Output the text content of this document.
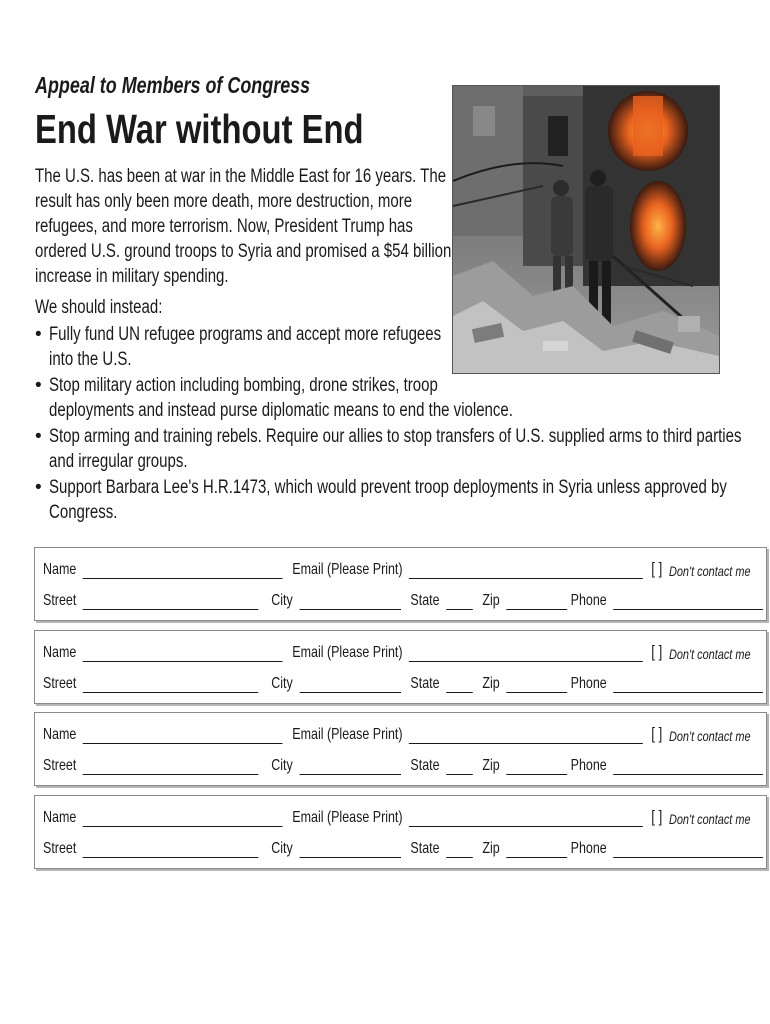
Appeal to Members of Congress
End War without End

The U.S. has been at war in the Middle East for 16 years. The

result has only been more death, more destruction, more

refugees, and more terrorism. Now, President Trump has

ordered U.S. ground troops to Syria and promised a $54 billion

increase in military spending.

We should instead:

• Fully fund UN refugee programs and accept more refugees

into the U.S.

• Stop military action including bombing, drone strikes, troop

deployments and instead purse diplomatic means to end the violence.

• Stop arming and training rebels. Require our allies to stop transfers of U.S. supplied arms to third parties

and irregular groups.

• Support Barbara Lee's H.R.1473, which would prevent troop deployments in Syria unless approved by

Congress.

Name	Email (Please Print)	[ ] Don't contact me
Street	City	State	Zip	Phone
Name	Email (Please Print)	[ ] Don't contact me
Street	City	State	Zip	Phone
Name	Email (Please Print)	[ ] Don't contact me
Street	City	State	Zip	Phone
Name	Email (Please Print)	[ ] Don't contact me
Street	City	State	Zip	Phone
